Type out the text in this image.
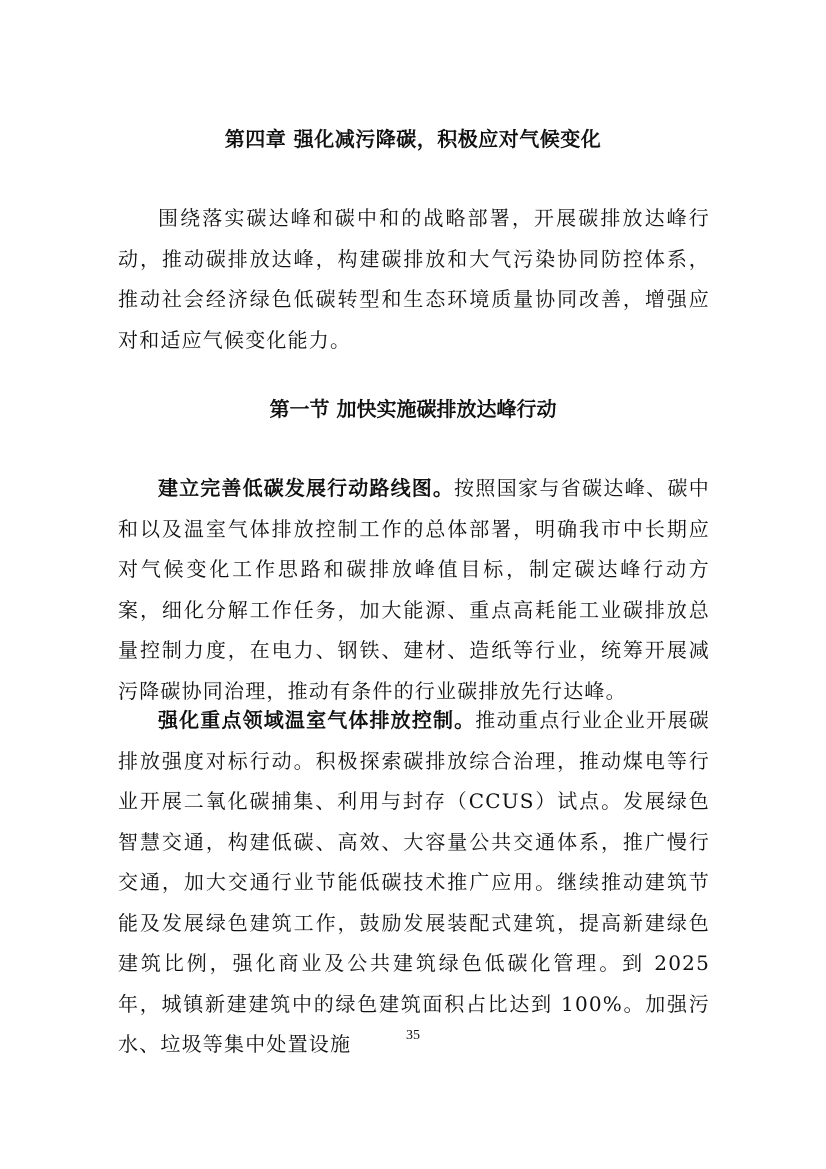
第四章 强化减污降碳，积极应对气候变化

围绕落实碳达峰和碳中和的战略部署，开展碳排放达峰行动，推动碳排放达峰，构建碳排放和大气污染协同防控体系，推动社会经济绿色低碳转型和生态环境质量协同改善，增强应对和适应气候变化能力。

第一节 加快实施碳排放达峰行动

建立完善低碳发展行动路线图。按照国家与省碳达峰、碳中和以及温室气体排放控制工作的总体部署，明确我市中长期应对气候变化工作思路和碳排放峰值目标，制定碳达峰行动方案，细化分解工作任务，加大能源、重点高耗能工业碳排放总量控制力度，在电力、钢铁、建材、造纸等行业，统筹开展减污降碳协同治理，推动有条件的行业碳排放先行达峰。

强化重点领域温室气体排放控制。推动重点行业企业开展碳排放强度对标行动。积极探索碳排放综合治理，推动煤电等行业开展二氧化碳捕集、利用与封存（CCUS）试点。发展绿色智慧交通，构建低碳、高效、大容量公共交通体系，推广慢行交通，加大交通行业节能低碳技术推广应用。继续推动建筑节能及发展绿色建筑工作，鼓励发展装配式建筑，提高新建绿色建筑比例，强化商业及公共建筑绿色低碳化管理。到 2025 年，城镇新建建筑中的绿色建筑面积占比达到 100%。加强污水、垃圾等集中处置设施	35
